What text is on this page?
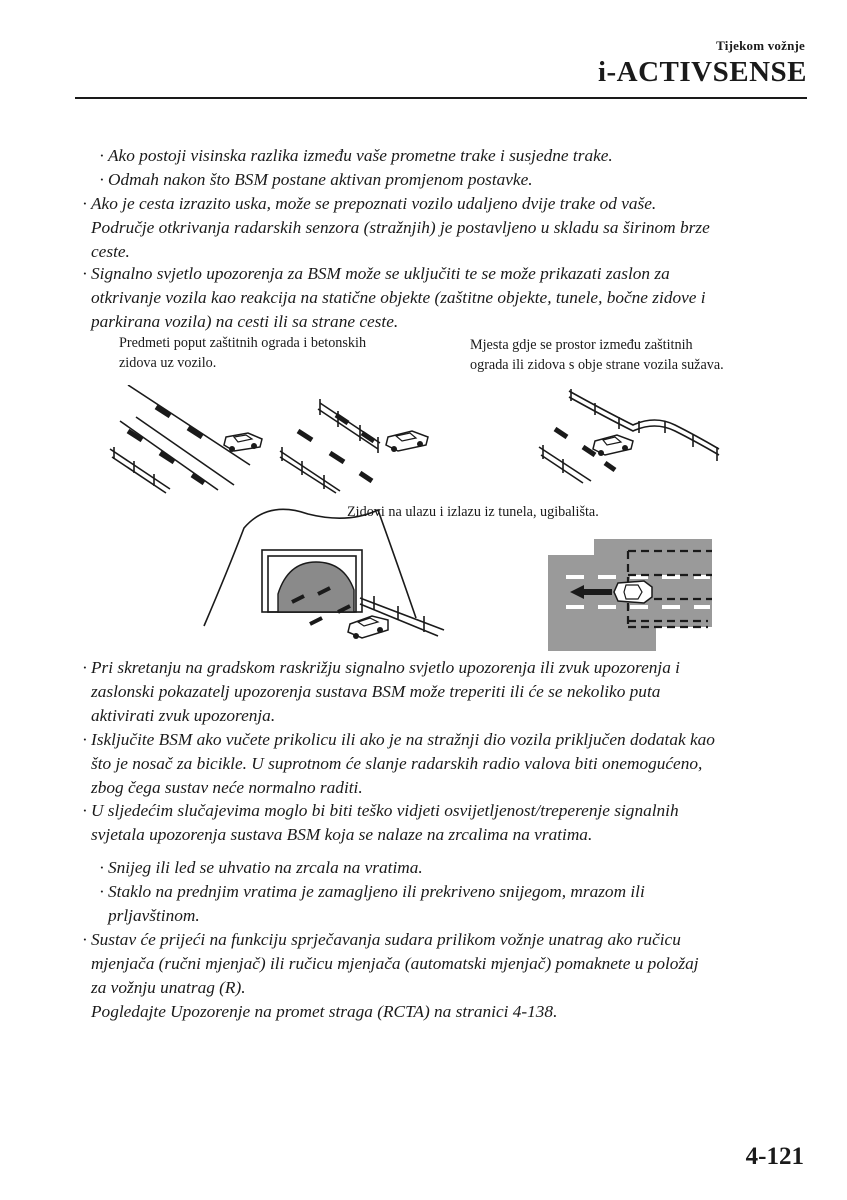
Tijekom vožnje
i-ACTIVSENSE

· Ako postoji visinska razlika između vaše prometne trake i susjedne trake.

· Odmah nakon što BSM postane aktivan promjenom postavke.

· Ako je cesta izrazito uska, može se prepoznati vozilo udaljeno dvije trake od vaše.
Područje otkrivanja radarskih senzora (stražnjih) je postavljeno u skladu sa širinom brze
ceste.

· Signalno svjetlo upozorenja za BSM može se uključiti te se može prikazati zaslon za
otkrivanje vozila kao reakcija na statične objekte (zaštitne objekte, tunele, bočne zidove i
parkirana vozila) na cesti ili sa strane ceste.

Predmeti poput zaštitnih ograda i betonskih
zidova uz vozilo.

Mjesta gdje se prostor između zaštitnih
ograda ili zidova s obje strane vozila sužava.

Zidovi na ulazu i izlazu iz tunela, ugibališta.

· Pri skretanju na gradskom raskrižju signalno svjetlo upozorenja ili zvuk upozorenja i
zaslonski pokazatelj upozorenja sustava BSM može treperiti ili će se nekoliko puta
aktivirati zvuk upozorenja.

· Isključite BSM ako vučete prikolicu ili ako je na stražnji dio vozila priključen dodatak kao
što je nosač za bicikle. U suprotnom će slanje radarskih radio valova biti onemogućeno,
zbog čega sustav neće normalno raditi.

· U sljedećim slučajevima moglo bi biti teško vidjeti osvijetljenost/treperenje signalnih
svjetala upozorenja sustava BSM koja se nalaze na zrcalima na vratima.

· Snijeg ili led se uhvatio na zrcala na vratima.

· Staklo na prednjim vratima je zamagljeno ili prekriveno snijegom, mrazom ili
prljavštinom.

· Sustav će prijeći na funkciju sprječavanja sudara prilikom vožnje unatrag ako ručicu
mjenjača (ručni mjenjač) ili ručicu mjenjača (automatski mjenjač) pomaknete u položaj
za vožnju unatrag (R).
Pogledajte Upozorenje na promet straga (RCTA) na stranici 4-138.

4-121
